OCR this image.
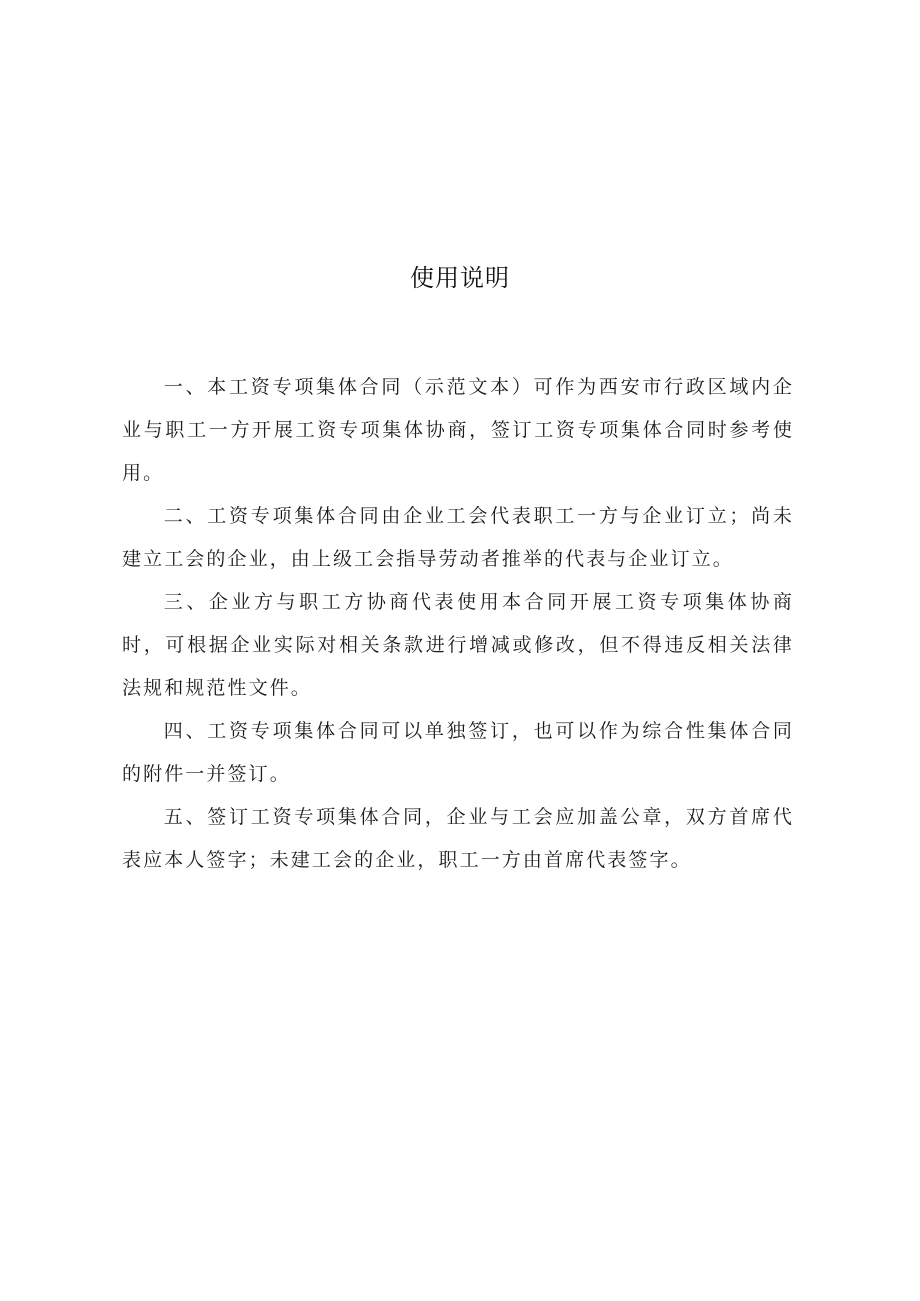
使用说明

一、本工资专项集体合同（示范文本）可作为西安市行政区域内企业与职工一方开展工资专项集体协商，签订工资专项集体合同时参考使用。

二、工资专项集体合同由企业工会代表职工一方与企业订立；尚未建立工会的企业，由上级工会指导劳动者推举的代表与企业订立。

三、企业方与职工方协商代表使用本合同开展工资专项集体协商时，可根据企业实际对相关条款进行增减或修改，但不得违反相关法律法规和规范性文件。

四、工资专项集体合同可以单独签订，也可以作为综合性集体合同的附件一并签订。

五、签订工资专项集体合同，企业与工会应加盖公章，双方首席代表应本人签字；未建工会的企业，职工一方由首席代表签字。
